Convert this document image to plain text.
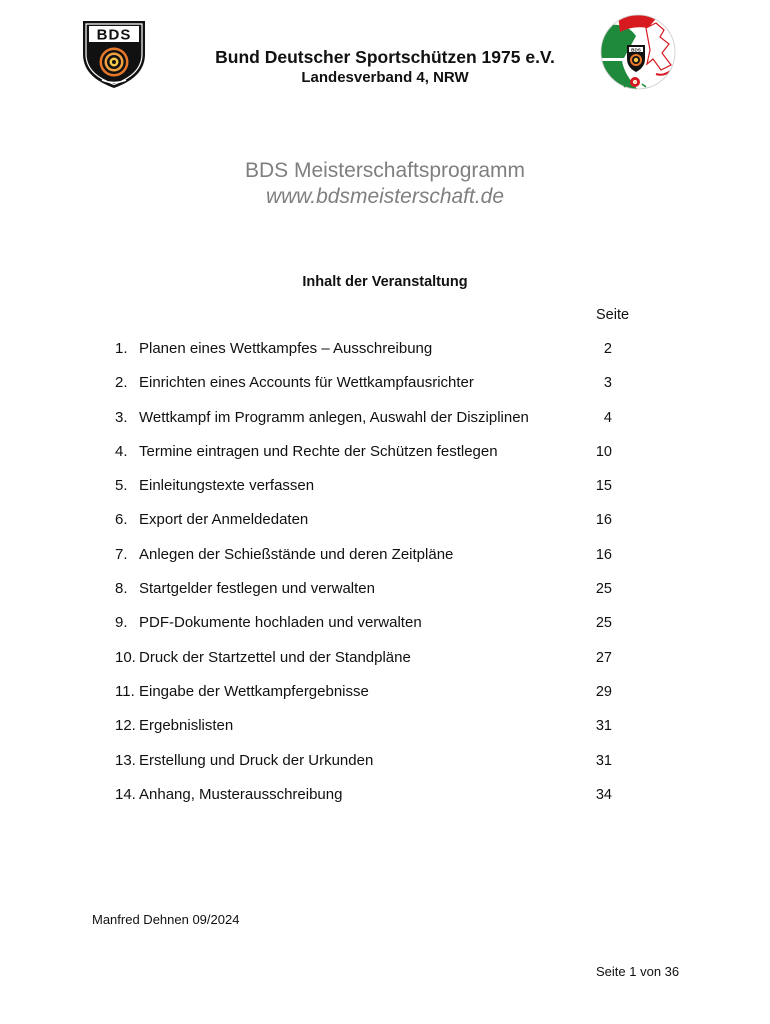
BDS
BDS
Bund Deutscher Sportschützen 1975 e.V.
Landesverband 4, NRW
BDS Meisterschaftsprogramm
www.bdsmeisterschaft.de
Inhalt der Veranstaltung
Seite
1. Planen eines Wettkampfes – Ausschreibung	2
2. Einrichten eines Accounts für Wettkampfausrichter	3
3. Wettkampf im Programm anlegen, Auswahl der Disziplinen	4
4. Termine eintragen und Rechte der Schützen festlegen	10
5. Einleitungstexte verfassen	15
6. Export der Anmeldedaten	16
7. Anlegen der Schießstände und deren Zeitpläne	16
8. Startgelder festlegen und verwalten	25
9. PDF-Dokumente hochladen und verwalten	25
10. Druck der Startzettel und der Standpläne	27
11. Eingabe der Wettkampfergebnisse	29
12. Ergebnislisten	31
13. Erstellung und Druck der Urkunden	31
14. Anhang, Musterausschreibung	34
Manfred Dehnen 09/2024
Seite 1 von 36
